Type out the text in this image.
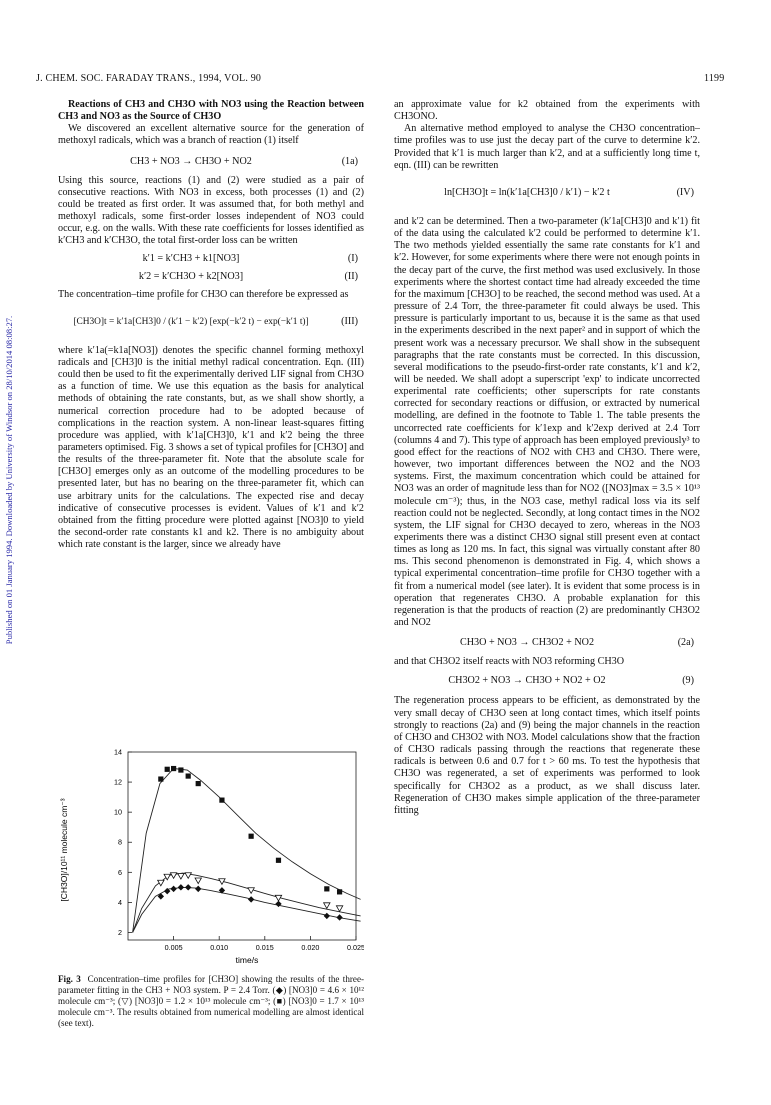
J. CHEM. SOC. FARADAY TRANS., 1994, VOL. 90	1199
Published on 01 January 1994. Downloaded by University of Windsor on 28/10/2014 08:08:27.

Reactions of CH3 and CH3O with NO3 using the Reaction between CH3 and NO3 as the Source of CH3O

We discovered an excellent alternative source for the generation of methoxyl radicals, which was a branch of reaction (1) itself

CH3 + NO3 → CH3O + NO2	(1a)

Using this source, reactions (1) and (2) were studied as a pair of consecutive reactions. With NO3 in excess, both processes (1) and (2) could be treated as first order. It was assumed that, for both methyl and methoxyl radicals, some first-order losses independent of NO3 could occur, e.g. on the walls. With these rate coefficients for losses identified as k′CH3 and k′CH3O, the total first-order loss can be written

k′1 = k′CH3 + k1[NO3]	(I)
k′2 = k′CH3O + k2[NO3]	(II)

The concentration–time profile for CH3O can therefore be expressed as

[CH3O]t = k′1a[CH3]0 / (k′1 − k′2) [exp(−k′2 t) − exp(−k′1 t)]	(III)

where k′1a(=k1a[NO3]) denotes the specific channel forming methoxyl radicals and [CH3]0 is the initial methyl radical concentration. Eqn. (III) could then be used to fit the experimentally derived LIF signal from CH3O as a function of time. We use this equation as the basis for analytical methods of obtaining the rate constants, but, as we shall show shortly, a numerical correction procedure had to be adopted because of complications in the reaction system. A non-linear least-squares fitting procedure was applied, with k′1a[CH3]0, k′1 and k′2 being the three parameters optimised. Fig. 3 shows a set of typical profiles for [CH3O] and the results of the three-parameter fit. Note that the absolute scale for [CH3O] emerges only as an outcome of the modelling procedures to be presented later, but has no bearing on the three-parameter fit, which can use arbitrary units for the calculations. The expected rise and decay indicative of consecutive processes is evident. Values of k′1 and k′2 obtained from the fitting procedure were plotted against [NO3]0 to yield the second-order rate constants k1 and k2. There is no ambiguity about which rate constant is the larger, since we already have

0.005	0.010	0.015	0.020	0.025
2
4
6
8
10
12
14
time/s
[CH3O]/10¹¹ molecule cm⁻³
Fig. 3 Concentration–time profiles for [CH3O] showing the results of the three-parameter fitting in the CH3 + NO3 system. P = 2.4 Torr. (◆) [NO3]0 = 4.6 × 10¹² molecule cm⁻³; (▽) [NO3]0 = 1.2 × 10¹³ molecule cm⁻³; (■) [NO3]0 = 1.7 × 10¹³ molecule cm⁻³. The results obtained from numerical modelling are almost identical (see text).

an approximate value for k2 obtained from the experiments with CH3ONO.

An alternative method employed to analyse the CH3O concentration–time profiles was to use just the decay part of the curve to determine k′2. Provided that k′1 is much larger than k′2, and at a sufficiently long time t, eqn. (III) can be rewritten

ln[CH3O]t = ln(k′1a[CH3]0 / k′1) − k′2 t	(IV)

and k′2 can be determined. Then a two-parameter (k′1a[CH3]0 and k′1) fit of the data using the calculated k′2 could be performed to determine k′1. The two methods yielded essentially the same rate constants for k′1 and k′2. However, for some experiments where there were not enough points in the decay part of the curve, the first method was used exclusively. In those experiments where the shortest contact time had already exceeded the time for the maximum [CH3O] to be reached, the second method was used. At a pressure of 2.4 Torr, the three-parameter fit could always be used. This pressure is particularly important to us, because it is the same as that used in the experiments described in the next paper² and in support of which the present work was a necessary precursor. We shall show in the subsequent paragraphs that the rate constants must be corrected. In this discussion, several modifications to the pseudo-first-order rate constants, k′1 and k′2, will be needed. We shall adopt a superscript 'exp' to indicate uncorrected experimental rate coefficients; other superscripts for rate constants corrected for secondary reactions or diffusion, or extracted by numerical modelling, are defined in the footnote to Table 1. The table presents the uncorrected rate coefficients for k′1exp and k′2exp derived at 2.4 Torr (columns 4 and 7). This type of approach has been employed previously³ to good effect for the reactions of NO2 with CH3 and CH3O. There were, however, two important differences between the NO2 and the NO3 systems. First, the maximum concentration which could be attained for NO3 was an order of magnitude less than for NO2 ([NO3]max = 3.5 × 10¹³ molecule cm⁻³); thus, in the NO3 case, methyl radical loss via its self reaction could not be neglected. Secondly, at long contact times in the NO2 system, the LIF signal for CH3O decayed to zero, whereas in the NO3 experiments there was a distinct CH3O signal still present even at contact times as long as 120 ms. In fact, this signal was virtually constant after 80 ms. This second phenomenon is demonstrated in Fig. 4, which shows a typical experimental concentration–time profile for CH3O together with a fit from a numerical model (see later). It is evident that some process is in operation that regenerates CH3O. A probable explanation for this regeneration is that the products of reaction (2) are predominantly CH3O2 and NO2

CH3O + NO3 → CH3O2 + NO2	(2a)

and that CH3O2 itself reacts with NO3 reforming CH3O

CH3O2 + NO3 → CH3O + NO2 + O2	(9)

The regeneration process appears to be efficient, as demonstrated by the very small decay of CH3O seen at long contact times, which itself points strongly to reactions (2a) and (9) being the major channels in the reaction of CH3O and CH3O2 with NO3. Model calculations show that the fraction of CH3O radicals passing through the reactions that regenerate these radicals is between 0.6 and 0.7 for t > 60 ms. To test the hypothesis that CH3O was regenerated, a set of experiments was performed to look specifically for CH3O2 as a product, as we shall discuss later. Regeneration of CH3O makes simple application of the three-parameter fitting
